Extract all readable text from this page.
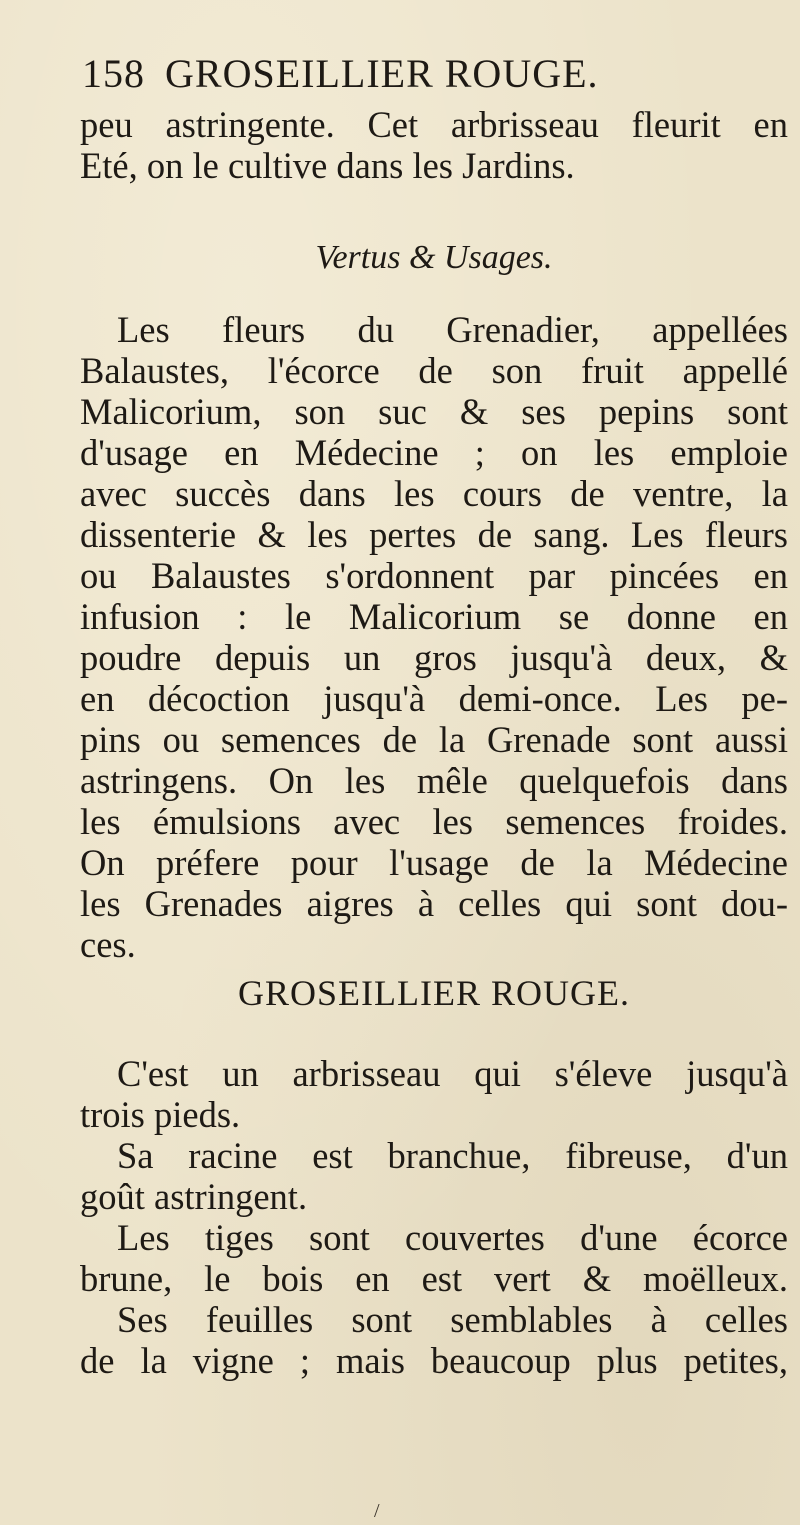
158 GROSEILLIER ROUGE.
peu astringente. Cet arbrisseau fleurit en
Eté, on le cultive dans les Jardins.
Vertus & Usages.
Les fleurs du Grenadier, appellées
Balaustes, l'écorce de son fruit appellé
Malicorium, son suc & ses pepins sont
d'usage en Médecine ; on les emploie
avec succès dans les cours de ventre, la
dissenterie & les pertes de sang. Les fleurs
ou Balaustes s'ordonnent par pincées en
infusion : le Malicorium se donne en
poudre depuis un gros jusqu'à deux, &
en décoction jusqu'à demi-once. Les pe-
pins ou semences de la Grenade sont aussi
astringens. On les mêle quelquefois dans
les émulsions avec les semences froides.
On préfere pour l'usage de la Médecine
les Grenades aigres à celles qui sont dou-
ces.
GROSEILLIER ROUGE.
C'est un arbrisseau qui s'éleve jusqu'à
trois pieds.
Sa racine est branchue, fibreuse, d'un
goût astringent.
Les tiges sont couvertes d'une écorce
brune, le bois en est vert & moëlleux.
Ses feuilles sont semblables à celles
de la vigne ; mais beaucoup plus petites,
/
